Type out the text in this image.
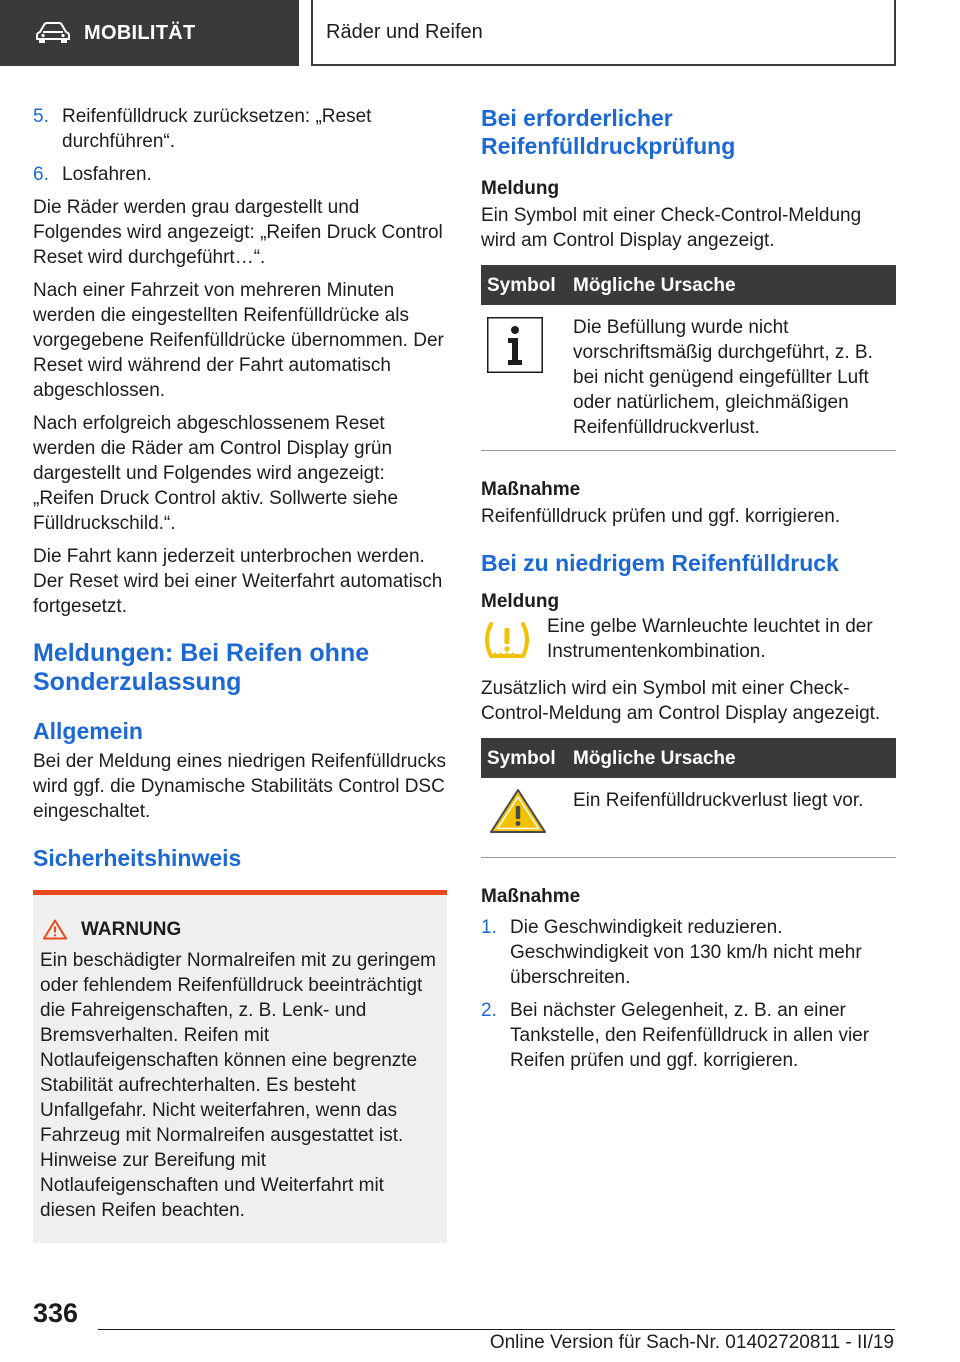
MOBILITÄT	Räder und Reifen
5. Reifenfülldruck zurücksetzen: „Reset durchführen“.
6. Losfahren.

Die Räder werden grau dargestellt und Folgendes wird angezeigt: „Reifen Druck Control Reset wird durchgeführt…“.

Nach einer Fahrzeit von mehreren Minuten werden die eingestellten Reifenfülldrücke als vorgegebene Reifenfülldrücke übernommen. Der Reset wird während der Fahrt automatisch abgeschlossen.

Nach erfolgreich abgeschlossenem Reset werden die Räder am Control Display grün dargestellt und Folgendes wird angezeigt: „Reifen Druck Control aktiv. Sollwerte siehe Fülldruckschild.“.

Die Fahrt kann jederzeit unterbrochen werden. Der Reset wird bei einer Weiterfahrt automatisch fortgesetzt.

Meldungen: Bei Reifen ohne Sonderzulassung
Allgemein

Bei der Meldung eines niedrigen Reifenfülldrucks wird ggf. die Dynamische Stabilitäts Control DSC eingeschaltet.

Sicherheitshinweis
WARNUNG
Ein beschädigter Normalreifen mit zu geringem oder fehlendem Reifenfülldruck beeinträchtigt die Fahreigenschaften, z. B. Lenk- und Bremsverhalten. Reifen mit Notlaufeigenschaften können eine begrenzte Stabilität aufrechterhalten. Es besteht Unfallgefahr. Nicht weiterfahren, wenn das Fahrzeug mit Normalreifen ausgestattet ist. Hinweise zur Bereifung mit Notlaufeigenschaften und Weiterfahrt mit diesen Reifen beachten.
Bei erforderlicher Reifenfülldruckprüfung
Meldung

Ein Symbol mit einer Check-Control-Meldung wird am Control Display angezeigt.

Symbol	Mögliche Ursache
	Die Befüllung wurde nicht vorschriftsmäßig durchgeführt, z. B. bei nicht genügend eingefüllter Luft oder natürlichem, gleichmäßigen Reifenfülldruckverlust.
Maßnahme

Reifenfülldruck prüfen und ggf. korrigieren.

Bei zu niedrigem Reifenfülldruck
Meldung
Eine gelbe Warnleuchte leuchtet in der Instrumentenkombination.

Zusätzlich wird ein Symbol mit einer Check-Control-Meldung am Control Display angezeigt.

Symbol	Mögliche Ursache
	Ein Reifenfülldruckverlust liegt vor.
Maßnahme
1. Die Geschwindigkeit reduzieren. Geschwindigkeit von 130 km/h nicht mehr überschreiten.
2. Bei nächster Gelegenheit, z. B. an einer Tankstelle, den Reifenfülldruck in allen vier Reifen prüfen und ggf. korrigieren.
336
Online Version für Sach-Nr. 01402720811 - II/19
